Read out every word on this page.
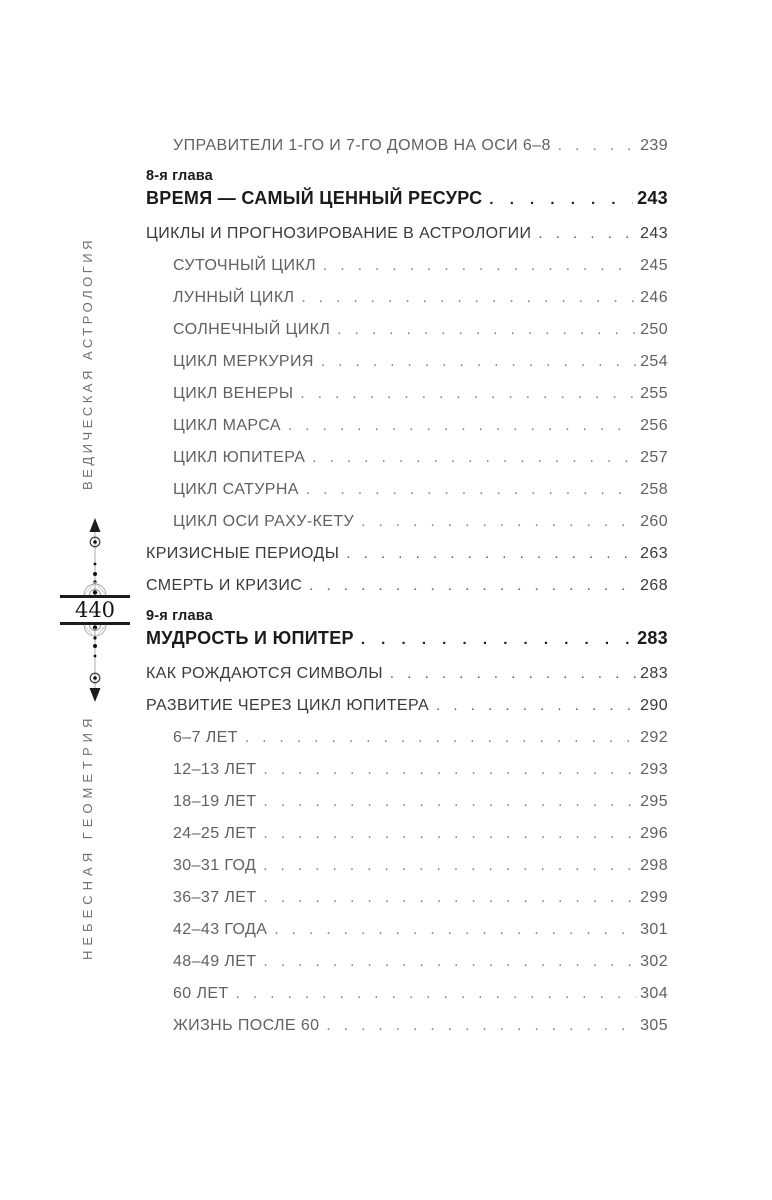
ВЕДИЧЕСКАЯ АСТРОЛОГИЯ
НЕБЕСНАЯ ГЕОМЕТРИЯ
440
УПРАВИТЕЛИ 1-ГО И 7-ГО ДОМОВ НА ОСИ 6–8 . . .	239
8-я глава
ВРЕМЯ — САМЫЙ ЦЕННЫЙ РЕСУРС . . .	243
ЦИКЛЫ И ПРОГНОЗИРОВАНИЕ В АСТРОЛОГИИ . . .	243
СУТОЧНЫЙ ЦИКЛ . . .	245
ЛУННЫЙ ЦИКЛ . . .	246
СОЛНЕЧНЫЙ ЦИКЛ . . .	250
ЦИКЛ МЕРКУРИЯ . . .	254
ЦИКЛ ВЕНЕРЫ . . .	255
ЦИКЛ МАРСА . . .	256
ЦИКЛ ЮПИТЕРА . . .	257
ЦИКЛ САТУРНА . . .	258
ЦИКЛ ОСИ РАХУ-КЕТУ . . .	260
КРИЗИСНЫЕ ПЕРИОДЫ . . .	263
СМЕРТЬ И КРИЗИС . . .	268
9-я глава
МУДРОСТЬ И ЮПИТЕР . . .	283
КАК РОЖДАЮТСЯ СИМВОЛЫ . . .	283
РАЗВИТИЕ ЧЕРЕЗ ЦИКЛ ЮПИТЕРА . . .	290
6–7 ЛЕТ . . .	292
12–13 ЛЕТ . . .	293
18–19 ЛЕТ . . .	295
24–25 ЛЕТ . . .	296
30–31 ГОД . . .	298
36–37 ЛЕТ . . .	299
42–43 ГОДА . . .	301
48–49 ЛЕТ . . .	302
60 ЛЕТ . . .	304
ЖИЗНЬ ПОСЛЕ 60 . . .	305
